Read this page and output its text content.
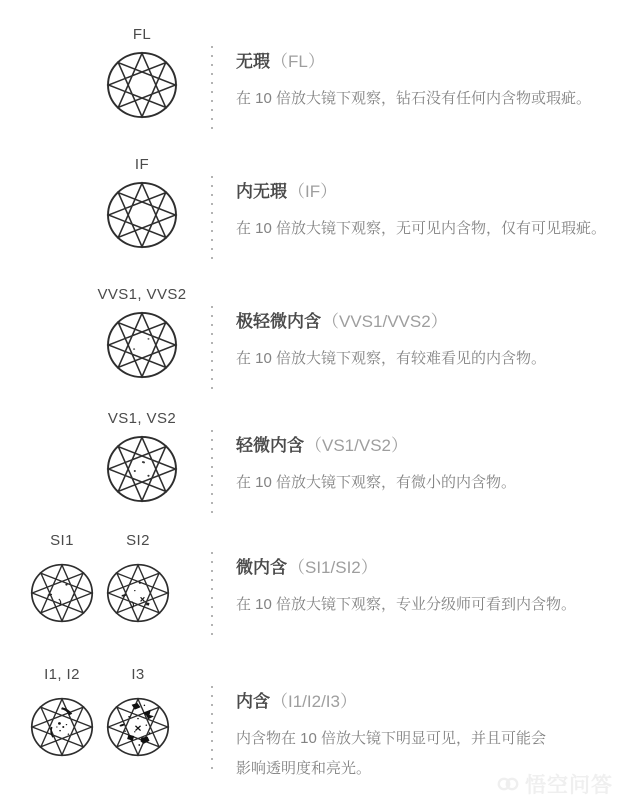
FL
无瑕（FL）
在 10 倍放大镜下观察，钻石没有任何内含物或瑕疵。
IF
内无瑕（IF）
在 10 倍放大镜下观察，无可见内含物，仅有可见瑕疵。
VVS1, VVS2
极轻微内含（VVS1/VVS2）
在 10 倍放大镜下观察，有较难看见的内含物。
VS1, VS2
轻微内含（VS1/VS2）
在 10 倍放大镜下观察，有微小的内含物。
SI1	SI2
微内含（SI1/SI2）
在 10 倍放大镜下观察，专业分级师可看到内含物。
I1, I2	I3
内含（I1/I2/I3）
内含物在 10 倍放大镜下明显可见，并且可能会
影响透明度和亮光。
悟空问答
